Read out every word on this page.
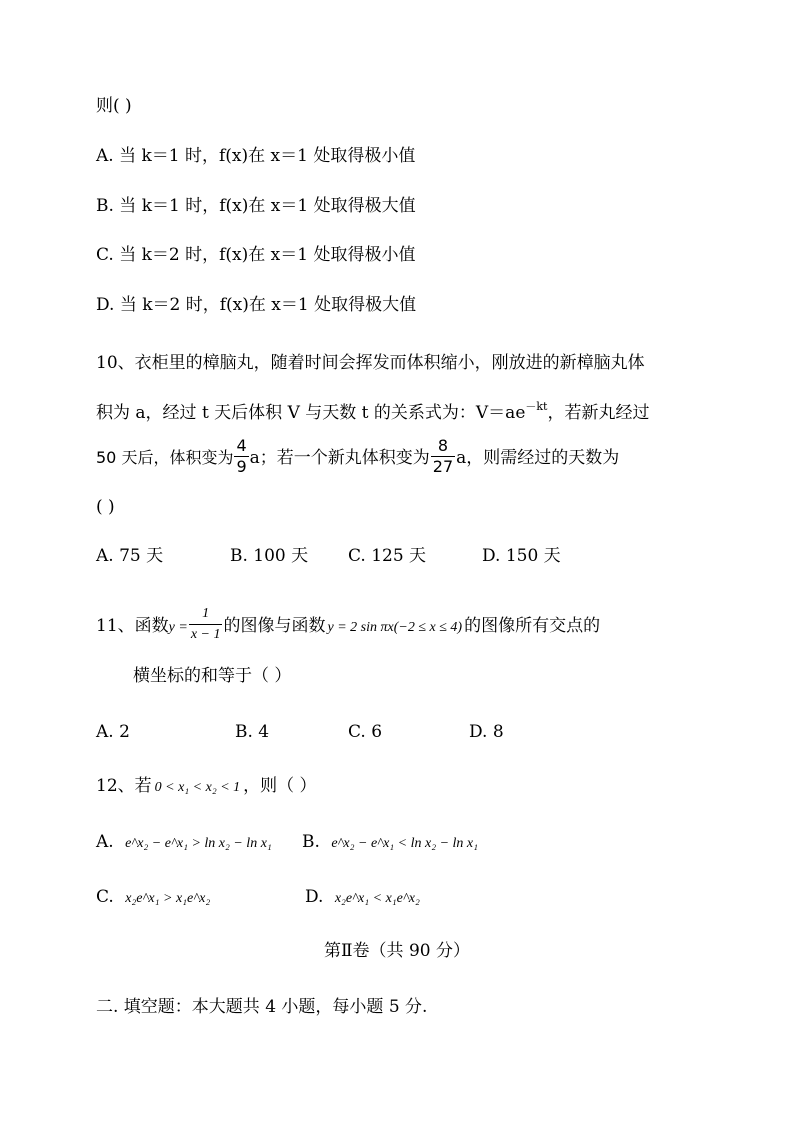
则( )
A. 当 k＝1 时，f(x)在 x＝1 处取得极小值
B. 当 k＝1 时，f(x)在 x＝1 处取得极大值
C. 当 k＝2 时，f(x)在 x＝1 处取得极小值
D. 当 k＝2 时，f(x)在 x＝1 处取得极大值
10、衣柜里的樟脑丸，随着时间会挥发而体积缩小，刚放进的新樟脑丸体
积为 a，经过 t 天后体积 V 与天数 t 的关系式为：$V=ae^{-kt}$，若新丸经过
50 天后，体积变为 $\frac{4}{9}$ a；若一个新丸体积变为 $\frac{8}{27}$ a，则需经过的天数为
( )
A. 75 天	B. 100 天 C. 125 天	D. 150 天
11、函数$y = \frac{1}{x - 1}$ 的图像与函数 y = 2 sin πx(−2 ≤ x ≤ 4) 的图像所有交点的
横坐标的和等于（ ）
A. 2	B. 4	C. 6	D. 8
12、若 0 < x₁ < x₂ < 1 ，则（ ）
A. e^x₂ − e^x₁ > ln x₂ − ln x₁ B. e^x₂ − e^x₁ < ln x₂ − ln x₁
C. x₂e^x₁ > x₁e^x₂	D. x₂e^x₁ < x₁e^x₂
第Ⅱ卷（共 90 分）
二. 填空题：本大题共 4 小题，每小题 5 分.
